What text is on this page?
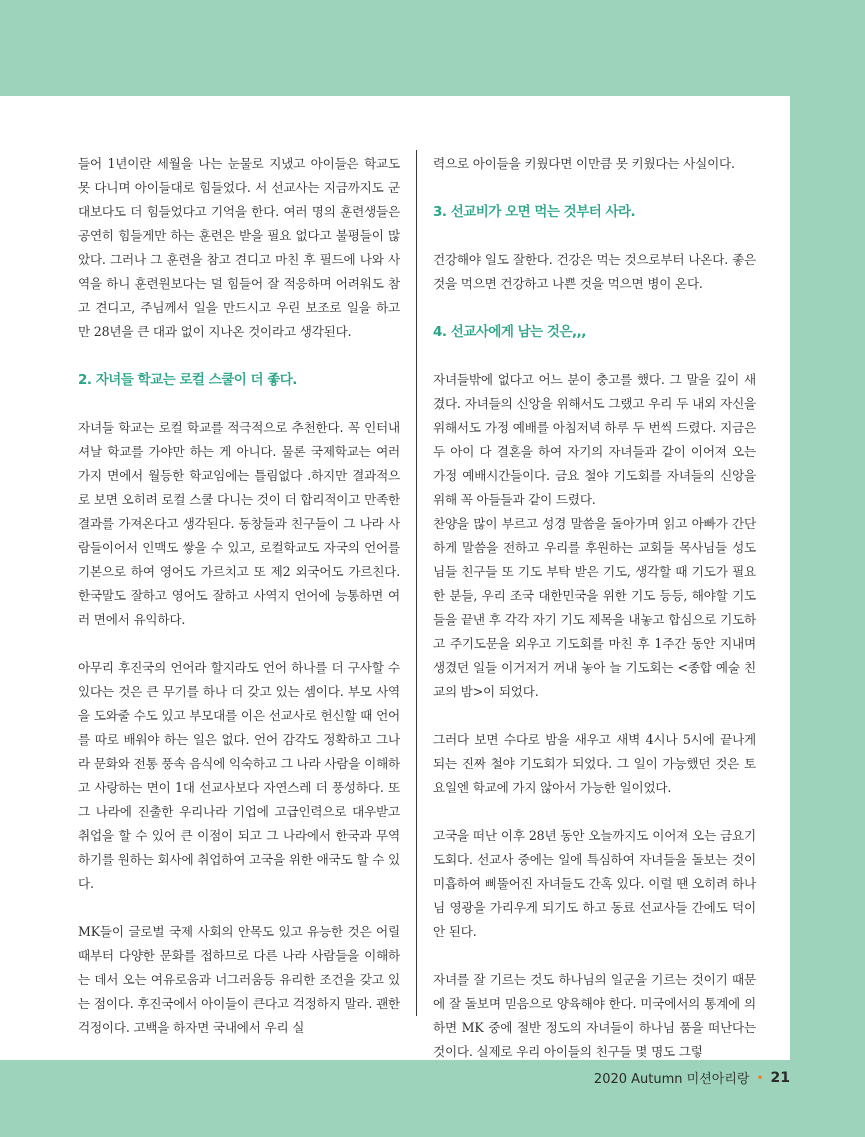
들어 1년이란 세월을 나는 눈물로 지냈고 아이들은 학교도 못 다니며 아이들대로 힘들었다. 서 선교사는 지금까지도 군대보다도 더 힘들었다고 기억을 한다. 여러 명의 훈련생들은 공연히 힘들게만 하는 훈련은 받을 필요 없다고 불평들이 많았다. 그러나 그 훈련을 참고 견디고 마친 후 필드에 나와 사역을 하니 훈련원보다는 덜 힘들어 잘 적응하며 어려워도 참고 견디고, 주님께서 일을 만드시고 우린 보조로 일을 하고 만 28년을 큰 대과 없이 지나온 것이라고 생각된다.

2. 자녀들 학교는 로컬 스쿨이 더 좋다.

자녀들 학교는 로컬 학교를 적극적으로 추천한다. 꼭 인터내셔날 학교를 가야만 하는 게 아니다. 물론 국제학교는 여러 가지 면에서 월등한 학교임에는 틀림없다 .하지만 결과적으로 보면 오히려 로컬 스쿨 다니는 것이 더 합리적이고 만족한 결과를 가져온다고 생각된다. 동창들과 친구들이 그 나라 사람들이어서 인맥도 쌓을 수 있고, 로컬학교도 자국의 언어를 기본으로 하여 영어도 가르치고 또 제2 외국어도 가르친다. 한국말도 잘하고 영어도 잘하고 사역지 언어에 능통하면 여러 면에서 유익하다.

아무리 후진국의 언어라 할지라도 언어 하나를 더 구사할 수 있다는 것은 큰 무기를 하나 더 갖고 있는 셈이다. 부모 사역을 도와줄 수도 있고 부모대를 이은 선교사로 헌신할 때 언어를 따로 배워야 하는 일은 없다. 언어 감각도 정확하고 그나라 문화와 전통 풍속 음식에 익숙하고 그 나라 사람을 이해하고 사랑하는 면이 1대 선교사보다 자연스레 더 풍성하다. 또 그 나라에 진출한 우리나라 기업에 고급인력으로 대우받고 취업을 할 수 있어 큰 이점이 되고 그 나라에서 한국과 무역하기를 원하는 회사에 취업하여 고국을 위한 애국도 할 수 있다.

MK들이 글로벌 국제 사회의 안목도 있고 유능한 것은 어릴 때부터 다양한 문화를 접하므로 다른 나라 사람들을 이해하는 데서 오는 여유로움과 너그러움등 유리한 조건을 갖고 있는 점이다. 후진국에서 아이들이 큰다고 걱정하지 말라. 괜한 걱정이다. 고백을 하자면 국내에서 우리 실

력으로 아이들을 키웠다면 이만큼 못 키웠다는 사실이다.

3. 선교비가 오면 먹는 것부터 사라.

건강해야 일도 잘한다. 건강은 먹는 것으로부터 나온다. 좋은 것을 먹으면 건강하고 나쁜 것을 먹으면 병이 온다.

4. 선교사에게 남는 것은,,,

자녀들밖에 없다고 어느 분이 충고를 했다. 그 말을 깊이 새겼다. 자녀들의 신앙을 위해서도 그랬고 우리 두 내외 자신을 위해서도 가정 예배를 아침저녁 하루 두 번씩 드렸다. 지금은 두 아이 다 결혼을 하여 자기의 자녀들과 같이 이어져 오는 가정 예배시간들이다. 금요 철야 기도회를 자녀들의 신앙을 위해 꼭 아들들과 같이 드렸다.

찬양을 많이 부르고 성경 말씀을 돌아가며 읽고 아빠가 간단하게 말씀을 전하고 우리를 후원하는 교회들 목사님들 성도님들 친구들 또 기도 부탁 받은 기도, 생각할 때 기도가 필요한 분들, 우리 조국 대한민국을 위한 기도 등등, 해야할 기도들을 끝낸 후 각각 자기 기도 제목을 내놓고 합심으로 기도하고 주기도문을 외우고 기도회를 마친 후 1주간 동안 지내며 생겼던 일들 이거저거 꺼내 놓아 늘 기도회는 <종합 예술 친교의 밤>이 되었다.

그러다 보면 수다로 밤을 새우고 새벽 4시나 5시에 끝나게 되는 진짜 철야 기도회가 되었다. 그 일이 가능했던 것은 토요일엔 학교에 가지 않아서 가능한 일이었다.

고국을 떠난 이후 28년 동안 오늘까지도 이어져 오는 금요기도회다. 선교사 중에는 일에 특심하여 자녀들을 돌보는 것이 미흡하여 삐뚤어진 자녀들도 간혹 있다. 이럴 땐 오히려 하나님 영광을 가리우게 되기도 하고 동료 선교사들 간에도 덕이 안 된다.

자녀를 잘 기르는 것도 하나님의 일군을 기르는 것이기 때문에 잘 돌보며 믿음으로 양육해야 한다. 미국에서의 통계에 의하면 MK 중에 절반 정도의 자녀들이 하나님 품을 떠난다는 것이다. 실제로 우리 아이들의 친구들 몇 명도 그렇

2020 Autumn 미션아리랑 • 21
